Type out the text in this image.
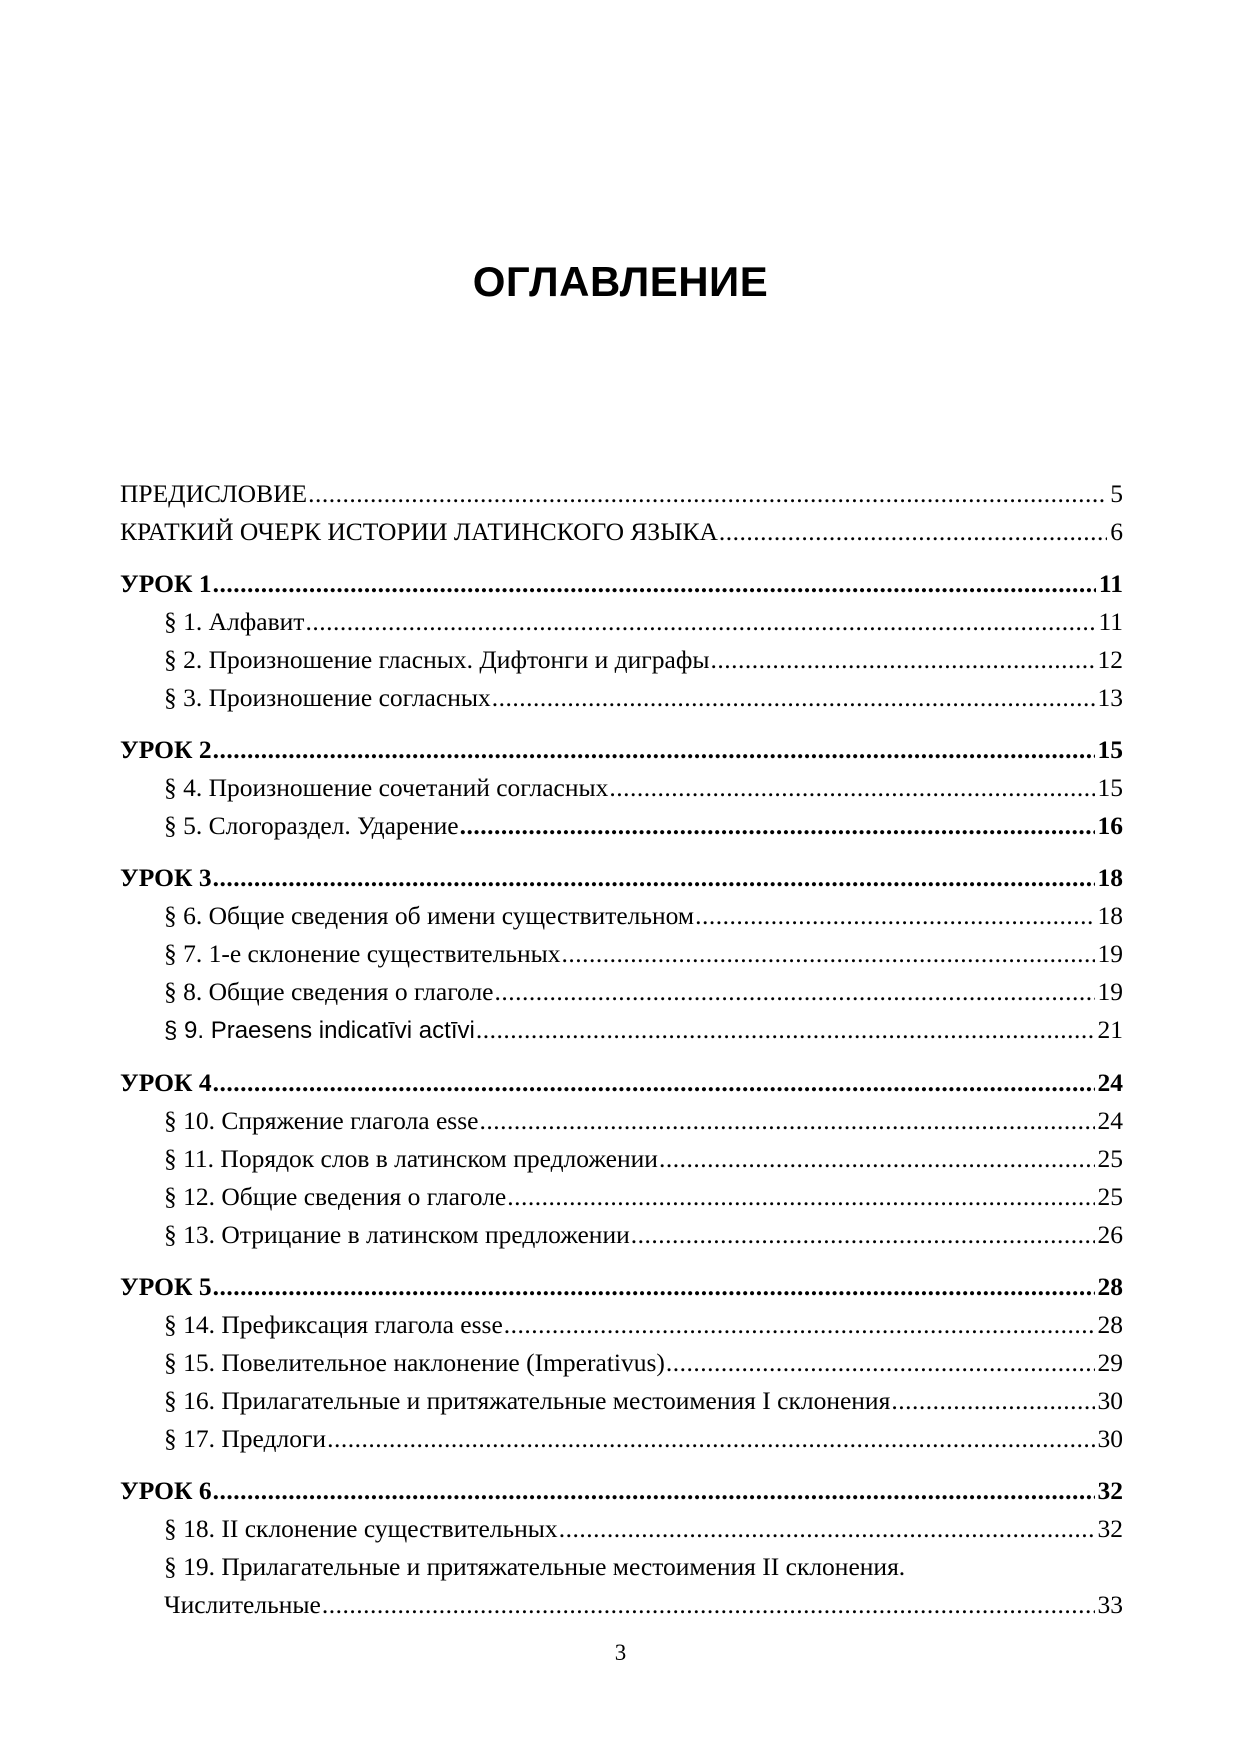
ОГЛАВЛЕНИЕ
ПРЕДИСЛОВИЕ .....	5
КРАТКИЙ ОЧЕРК ИСТОРИИ ЛАТИНСКОГО ЯЗЫКА .....	6
УРОК 1 .....	11
§ 1. Алфавит .....	11
§ 2. Произношение гласных. Дифтонги и диграфы .....	12
§ 3. Произношение согласных .....	13
УРОК 2 .....	15
§ 4. Произношение сочетаний согласных .....	15
§ 5. Слогораздел. Ударение .....	16
УРОК 3 .....	18
§ 6. Общие сведения об имени существительном .....	18
§ 7. 1-е склонение существительных .....	19
§ 8. Общие сведения о глаголе .....	19
§ 9. Praesens indicatīvi actīvi .....	21
УРОК 4 .....	24
§ 10. Спряжение глагола esse .....	24
§ 11. Порядок слов в латинском предложении .....	25
§ 12. Общие сведения о глаголе .....	25
§ 13. Отрицание в латинском предложении .....	26
УРОК 5 .....	28
§ 14. Префиксация глагола esse .....	28
§ 15. Повелительное наклонение (Imperativus) .....	29
§ 16. Прилагательные и притяжательные местоимения I склонения .....	30
§ 17. Предлоги .....	30
УРОК 6 .....	32
§ 18. II склонение существительных .....	32
§ 19. Прилагательные и притяжательные местоимения II склонения.
Числительные .....	33
3
